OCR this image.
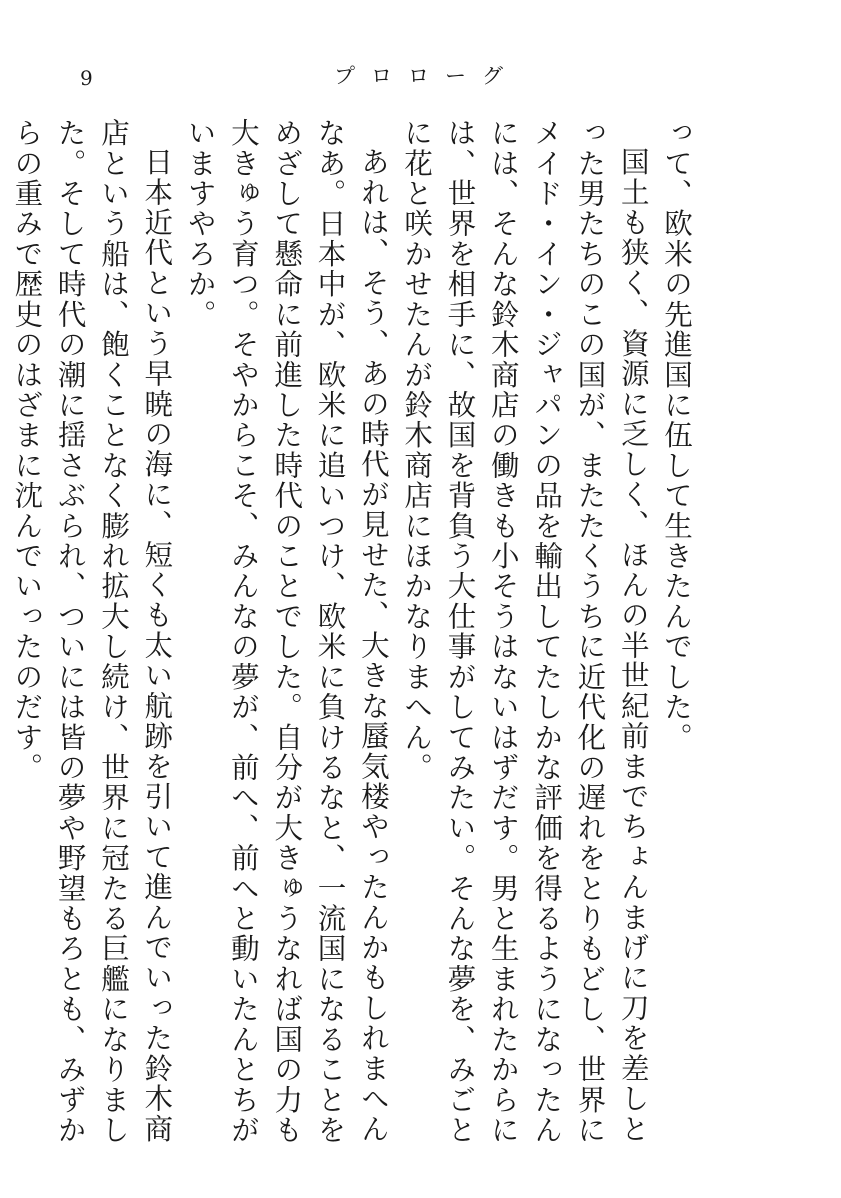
9	プロローグ

って、欧米の先進国に伍して生きたんでした。

国土も狭く、資源に乏しく、ほんの半世紀前までちょんまげに刀を差しとった男たちのこの国が、またたくうちに近代化の遅れをとりもどし、世界にメイド・イン・ジャパンの品を輸出してたしかな評価を得るようになったんには、そんな鈴木商店の働きも小そうはないはずだす。男と生まれたからには、世界を相手に、故国を背負う大仕事がしてみたい。そんな夢を、みごとに花と咲かせたんが鈴木商店にほかなりまへん。

あれは、そう、あの時代が見せた、大きな蜃気楼やったんかもしれまへんなあ。日本中が、欧米に追いつけ、欧米に負けるなと、一流国になることをめざして懸命に前進した時代のことでした。自分が大きゅうなれば国の力も大きゅう育つ。そやからこそ、みんなの夢が、前へ、前へと動いたんとちがいますやろか。

日本近代という早暁の海に、短くも太い航跡を引いて進んでいった鈴木商店という船は、飽くことなく膨れ拡大し続け、世界に冠たる巨艦になりました。そして時代の潮に揺さぶられ、ついには皆の夢や野望もろとも、みずからの重みで歴史のはざまに沈んでいったのだす。
